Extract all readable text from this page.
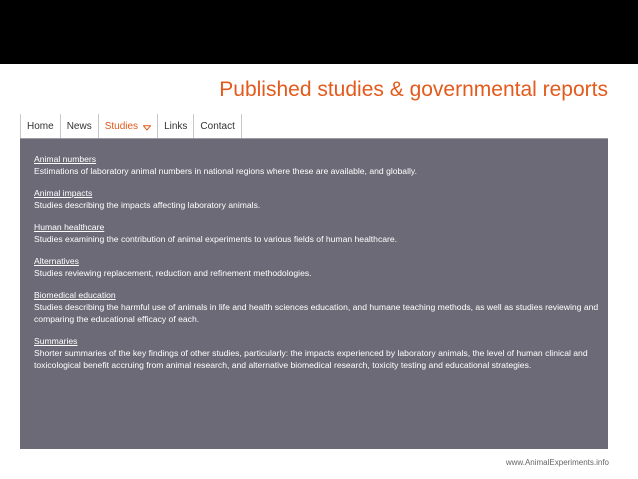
Published studies & governmental reports
Home News Studies	Links Contact
Animal numbers
Estimations of laboratory animal numbers in national regions where these are available, and globally.
Animal impacts
Studies describing the impacts affecting laboratory animals.
Human healthcare
Studies examining the contribution of animal experiments to various fields of human healthcare.
Alternatives
Studies reviewing replacement, reduction and refinement methodologies.
Biomedical education
Studies describing the harmful use of animals in life and health sciences education, and humane teaching methods, as well as studies reviewing and comparing the educational efficacy of each.
Summaries
Shorter summaries of the key findings of other studies, particularly: the impacts experienced by laboratory animals, the level of human clinical and toxicological benefit accruing from animal research, and alternative biomedical research, toxicity testing and educational strategies.
www.AnimalExperiments.info
